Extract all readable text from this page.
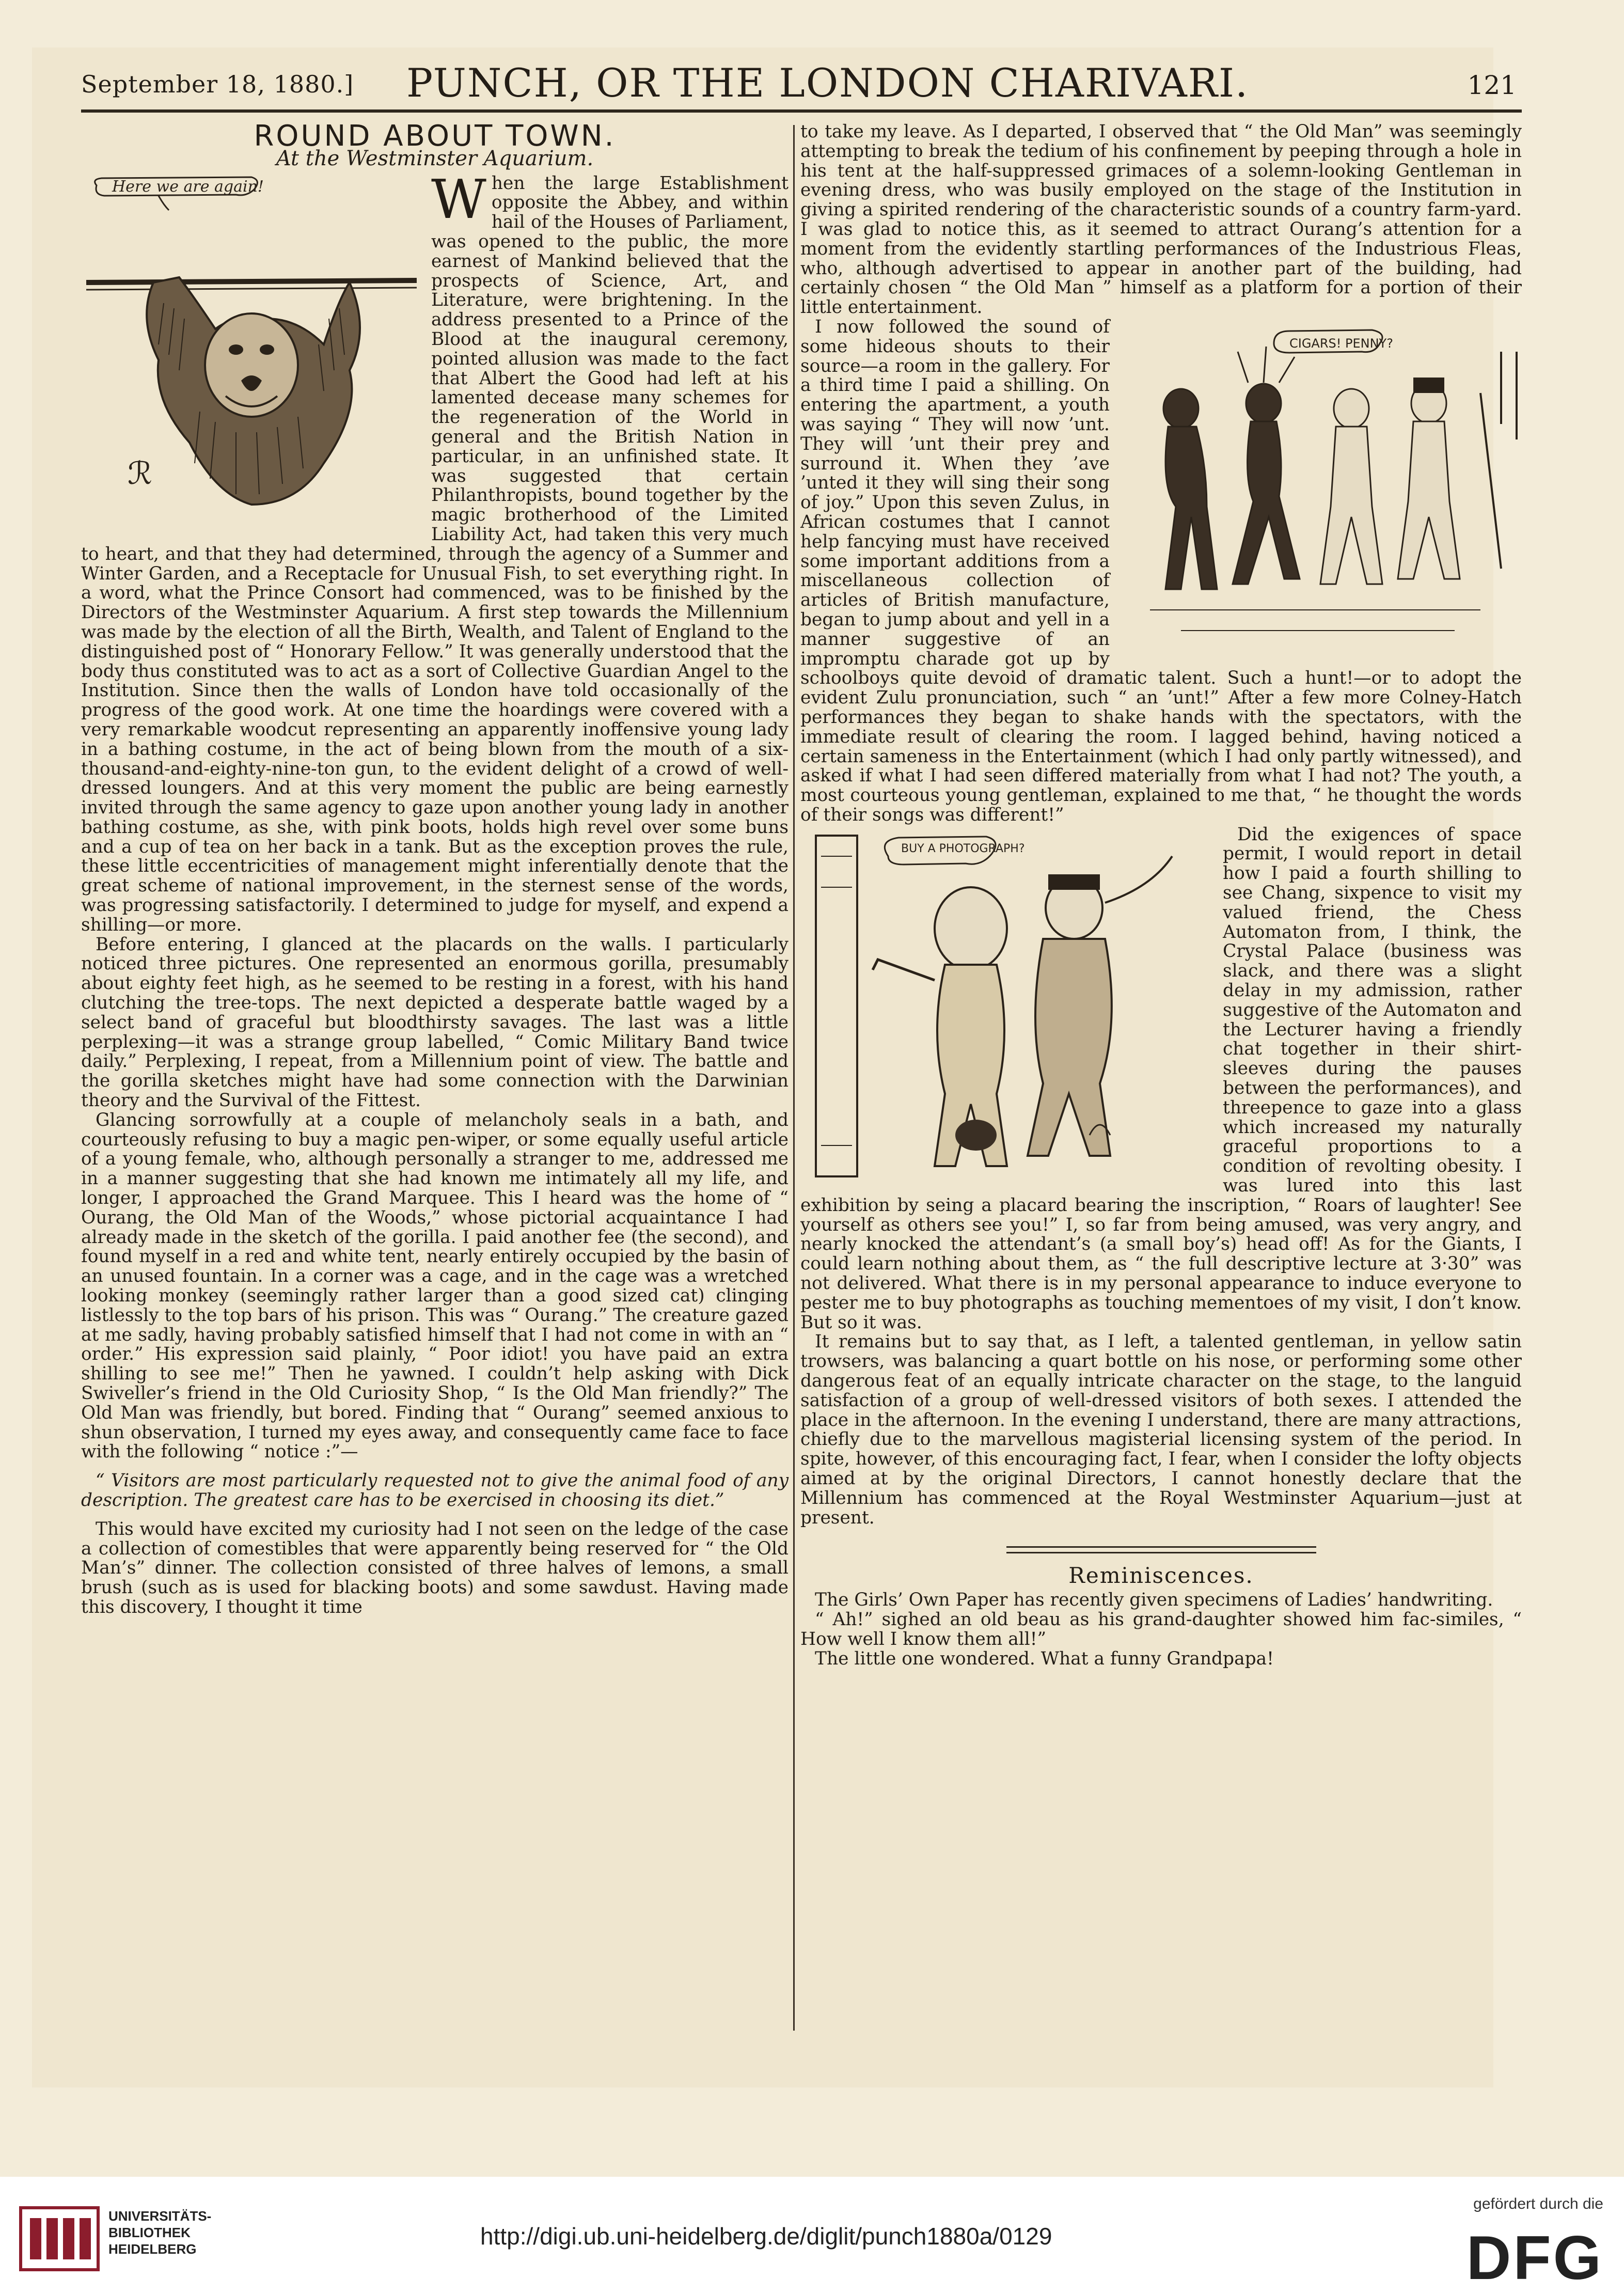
September 18, 1880.] PUNCH, OR THE LONDON CHARIVARI.	121
ROUND ABOUT TOWN.
At the Westminster Aquarium.
Here we are again!
ℛ

When the large Establishment opposite the Abbey, and within hail of the Houses of Parliament, was opened to the public, the more earnest of Mankind believed that the prospects of Science, Art, and Literature, were brightening. In the address presented to a Prince of the Blood at the inaugural ceremony, pointed allusion was made to the fact that Albert the Good had left at his lamented decease many schemes for the regeneration of the World in general and the British Nation in particular, in an unfinished state. It was suggested that certain Philanthropists, bound together by the magic brotherhood of the Limited Liability Act, had taken this very much to heart, and that they had determined, through the agency of a Summer and Winter Garden, and a Receptacle for Unusual Fish, to set everything right. In a word, what the Prince Consort had commenced, was to be finished by the Directors of the Westminster Aquarium. A first step towards the Millennium was made by the election of all the Birth, Wealth, and Talent of England to the distinguished post of “ Honorary Fellow.” It was generally understood that the body thus constituted was to act as a sort of Collective Guardian Angel to the Institution. Since then the walls of London have told occasionally of the progress of the good work. At one time the hoardings were covered with a very remarkable woodcut representing an apparently inoffensive young lady in a bathing costume, in the act of being blown from the mouth of a six-thousand-and-eighty-nine-ton gun, to the evident delight of a crowd of well-dressed loungers. And at this very moment the public are being earnestly invited through the same agency to gaze upon another young lady in another bathing costume, as she, with pink boots, holds high revel over some buns and a cup of tea on her back in a tank. But as the exception proves the rule, these little eccentricities of management might inferentially denote that the great scheme of national improvement, in the sternest sense of the words, was progressing satisfactorily. I determined to judge for myself, and expend a shilling—or more.

Before entering, I glanced at the placards on the walls. I particularly noticed three pictures. One represented an enormous gorilla, presumably about eighty feet high, as he seemed to be resting in a forest, with his hand clutching the tree-tops. The next depicted a desperate battle waged by a select band of graceful but bloodthirsty savages. The last was a little perplexing—it was a strange group labelled, “ Comic Military Band twice daily.” Perplexing, I repeat, from a Millennium point of view. The battle and the gorilla sketches might have had some connection with the Darwinian theory and the Survival of the Fittest.

Glancing sorrowfully at a couple of melancholy seals in a bath, and courteously refusing to buy a magic pen-wiper, or some equally useful article of a young female, who, although personally a stranger to me, addressed me in a manner suggesting that she had known me intimately all my life, and longer, I approached the Grand Marquee. This I heard was the home of “ Ourang, the Old Man of the Woods,” whose pictorial acquaintance I had already made in the sketch of the gorilla. I paid another fee (the second), and found myself in a red and white tent, nearly entirely occupied by the basin of an unused fountain. In a corner was a cage, and in the cage was a wretched looking monkey (seemingly rather larger than a good sized cat) clinging listlessly to the top bars of his prison. This was “ Ourang.” The creature gazed at me sadly, having probably satisfied himself that I had not come in with an “ order.” His expression said plainly, “ Poor idiot! you have paid an extra shilling to see me!” Then he yawned. I couldn’t help asking with Dick Swiveller’s friend in the Old Curiosity Shop, “ Is the Old Man friendly?” The Old Man was friendly, but bored. Finding that “ Ourang” seemed anxious to shun observation, I turned my eyes away, and consequently came face to face with the following “ notice :”—

“ Visitors are most particularly requested not to give the animal food of any description. The greatest care has to be exercised in choosing its diet.”

This would have excited my curiosity had I not seen on the ledge of the case a collection of comestibles that were apparently being reserved for “ the Old Man’s” dinner. The collection consisted of three halves of lemons, a small brush (such as is used for blacking boots) and some sawdust. Having made this discovery, I thought it time

to take my leave. As I departed, I observed that “ the Old Man” was seemingly attempting to break the tedium of his confinement by peeping through a hole in his tent at the half-suppressed grimaces of a solemn-looking Gentleman in evening dress, who was busily employed on the stage of the Institution in giving a spirited rendering of the characteristic sounds of a country farm-yard. I was glad to notice this, as it seemed to attract Ourang’s attention for a moment from the evidently startling performances of the Industrious Fleas, who, although advertised to appear in another part of the building, had certainly chosen “ the Old Man ” himself as a platform for a portion of their little entertainment.

CIGARS! PENNY?

I now followed the sound of some hideous shouts to their source—a room in the gallery. For a third time I paid a shilling. On entering the apartment, a youth was saying “ They will now ’unt. They will ’unt their prey and surround it. When they ’ave ’unted it they will sing their song of joy.” Upon this seven Zulus, in African costumes that I cannot help fancying must have received some important additions from a miscellaneous collection of articles of British manufacture, began to jump about and yell in a manner suggestive of an impromptu charade got up by schoolboys quite devoid of dramatic talent. Such a hunt!—or to adopt the evident Zulu pronunciation, such “ an ’unt!” After a few more Colney-Hatch performances they began to shake hands with the spectators, with the immediate result of clearing the room. I lagged behind, having noticed a certain sameness in the Entertainment (which I had only partly witnessed), and asked if what I had seen differed materially from what I had not? The youth, a most courteous young gentleman, explained to me that, “ he thought the words of their songs was different!”

BUY A PHOTOGRAPH?

Did the exigences of space permit, I would report in detail how I paid a fourth shilling to see Chang, sixpence to visit my valued friend, the Chess Automaton from, I think, the Crystal Palace (business was slack, and there was a slight delay in my admission, rather suggestive of the Automaton and the Lecturer having a friendly chat together in their shirt-sleeves during the pauses between the performances), and threepence to gaze into a glass which increased my naturally graceful proportions to a condition of revolting obesity. I was lured into this last exhibition by seing a placard bearing the inscription, “ Roars of laughter! See yourself as others see you!” I, so far from being amused, was very angry, and nearly knocked the attendant’s (a small boy’s) head off! As for the Giants, I could learn nothing about them, as “ the full descriptive lecture at 3·30” was not delivered. What there is in my personal appearance to induce everyone to pester me to buy photographs as touching mementoes of my visit, I don’t know. But so it was.

It remains but to say that, as I left, a talented gentleman, in yellow satin trowsers, was balancing a quart bottle on his nose, or performing some other dangerous feat of an equally intricate character on the stage, to the languid satisfaction of a group of well-dressed visitors of both sexes. I attended the place in the afternoon. In the evening I understand, there are many attractions, chiefly due to the marvellous magisterial licensing system of the period. In spite, however, of this encouraging fact, I fear, when I consider the lofty objects aimed at by the original Directors, I cannot honestly declare that the Millennium has commenced at the Royal Westminster Aquarium—just at present.

Reminiscences.

The Girls’ Own Paper has recently given specimens of Ladies’ handwriting.

“ Ah!” sighed an old beau as his grand-daughter showed him fac-similes, “ How well I know them all!”

The little one wondered. What a funny Grandpapa!

UNIVERSITÄTS-
BIBLIOTHEK
HEIDELBERG	http://digi.ub.uni-heidelberg.de/diglit/punch1880a/0129
gefördert durch die
DFG
